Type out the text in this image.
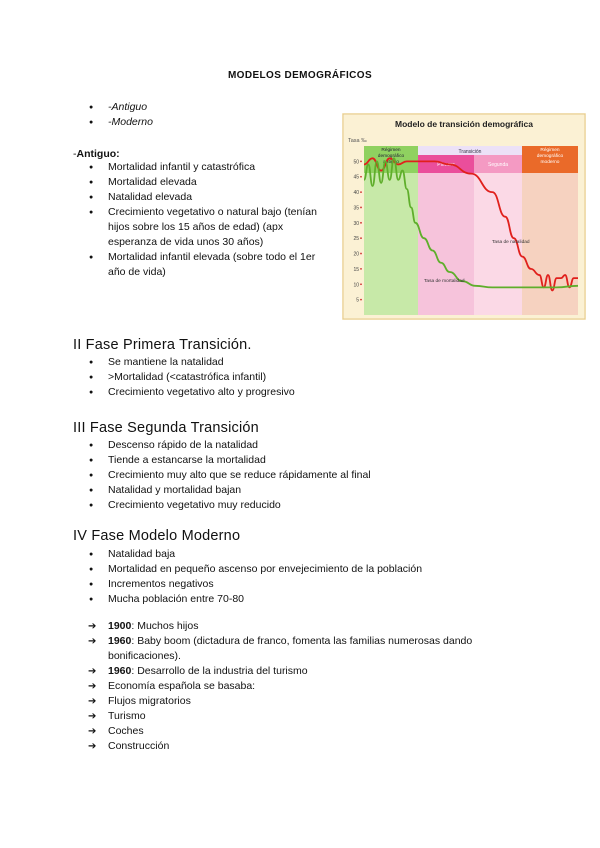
MODELOS DEMOGRÁFICOS
● -Antiguo
● -Moderno
-Antiguo:
● Mortalidad infantil y catastrófica
● Mortalidad elevada
● Natalidad elevada
● Crecimiento vegetativo o natural bajo (tenían hijos sobre los 15 años de edad) (apx esperanza de vida unos 30 años)
● Mortalidad infantil elevada (sobre todo el 1er año de vida)
Modelo de transición demográfica
Tasa ‰
Régimen demográfico antiguo
Transición
Primera	Segunda
Régimen demográfico moderno
5
10
15
20
25
30
35
40
45
50
Tasa de natalidad
Tasa de mortalidad
II Fase Primera Transición.
● Se mantiene la natalidad
● >Mortalidad (<catastrófica infantil)
● Crecimiento vegetativo alto y progresivo
III Fase Segunda Transición
● Descenso rápido de la natalidad
● Tiende a estancarse la mortalidad
● Crecimiento muy alto que se reduce rápidamente al final
● Natalidad y mortalidad bajan
● Crecimiento vegetativo muy reducido
IV Fase Modelo Moderno
● Natalidad baja
● Mortalidad en pequeño ascenso por envejecimiento de la población
● Incrementos negativos
● Mucha población entre 70-80
➔ 1900: Muchos hijos
➔ 1960: Baby boom (dictadura de franco, fomenta las familias numerosas dando bonificaciones).
➔ 1960: Desarrollo de la industria del turismo
➔ Economía española se basaba:
➔ Flujos migratorios
➔ Turismo
➔ Coches
➔ Construcción
